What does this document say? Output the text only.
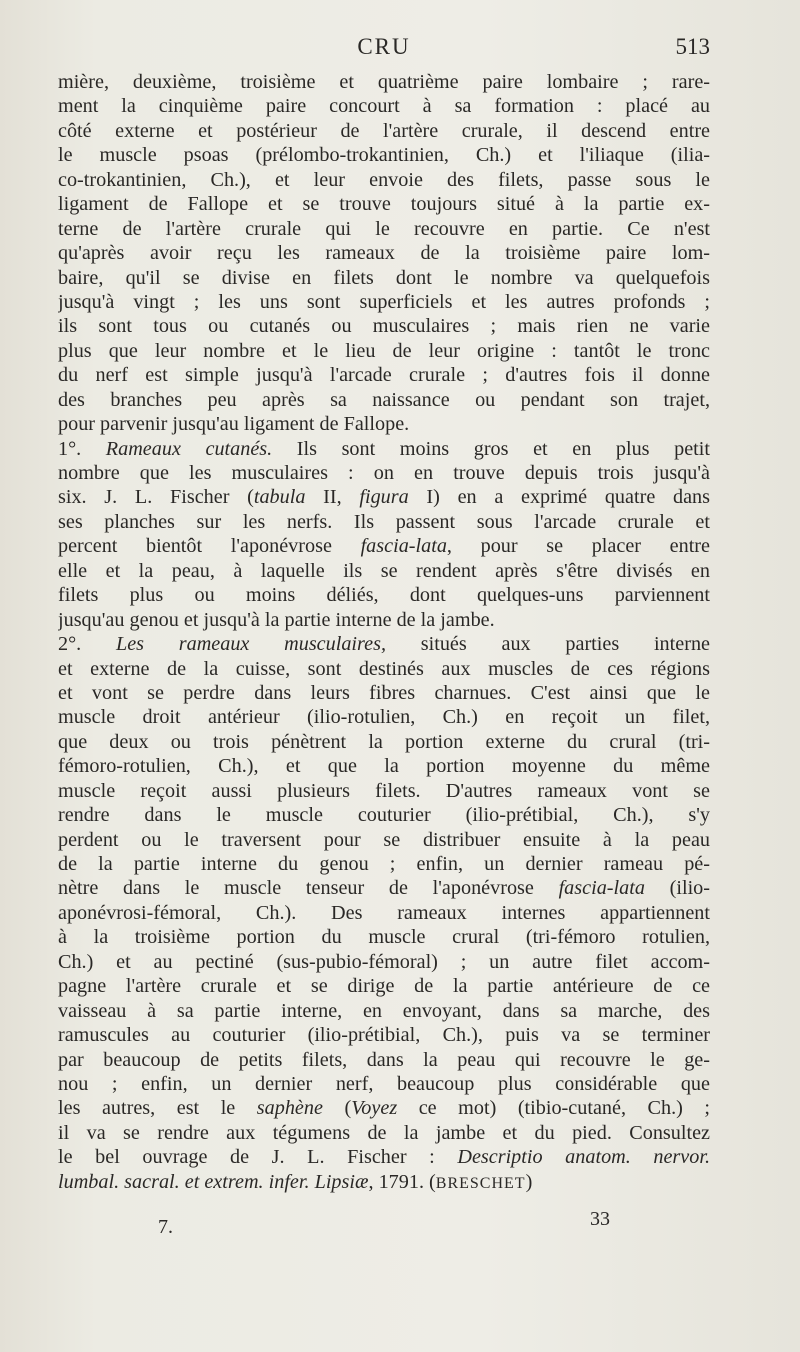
CRU	513
mière, deuxième, troisième et quatrième paire lombaire ; rare-
ment la cinquième paire concourt à sa formation : placé au
côté externe et postérieur de l'artère crurale, il descend entre
le muscle psoas (prélombo-trokantinien, Ch.) et l'iliaque (ilia-
co-trokantinien, Ch.), et leur envoie des filets, passe sous le
ligament de Fallope et se trouve toujours situé à la partie ex-
terne de l'artère crurale qui le recouvre en partie. Ce n'est
qu'après avoir reçu les rameaux de la troisième paire lom-
baire, qu'il se divise en filets dont le nombre va quelquefois
jusqu'à vingt ; les uns sont superficiels et les autres profonds ;
ils sont tous ou cutanés ou musculaires ; mais rien ne varie
plus que leur nombre et le lieu de leur origine : tantôt le tronc
du nerf est simple jusqu'à l'arcade crurale ; d'autres fois il donne
des branches peu après sa naissance ou pendant son trajet,
pour parvenir jusqu'au ligament de Fallope.
1°. Rameaux cutanés. Ils sont moins gros et en plus petit
nombre que les musculaires : on en trouve depuis trois jusqu'à
six. J. L. Fischer (tabula II, figura I) en a exprimé quatre dans
ses planches sur les nerfs. Ils passent sous l'arcade crurale et
percent bientôt l'aponévrose fascia-lata, pour se placer entre
elle et la peau, à laquelle ils se rendent après s'être divisés en
filets plus ou moins déliés, dont quelques-uns parviennent
jusqu'au genou et jusqu'à la partie interne de la jambe.
2°. Les rameaux musculaires, situés aux parties interne
et externe de la cuisse, sont destinés aux muscles de ces régions
et vont se perdre dans leurs fibres charnues. C'est ainsi que le
muscle droit antérieur (ilio-rotulien, Ch.) en reçoit un filet,
que deux ou trois pénètrent la portion externe du crural (tri-
fémoro-rotulien, Ch.), et que la portion moyenne du même
muscle reçoit aussi plusieurs filets. D'autres rameaux vont se
rendre dans le muscle couturier (ilio-prétibial, Ch.), s'y
perdent ou le traversent pour se distribuer ensuite à la peau
de la partie interne du genou ; enfin, un dernier rameau pé-
nètre dans le muscle tenseur de l'aponévrose fascia-lata (ilio-
aponévrosi-fémoral, Ch.). Des rameaux internes appartiennent
à la troisième portion du muscle crural (tri-fémoro rotulien,
Ch.) et au pectiné (sus-pubio-fémoral) ; un autre filet accom-
pagne l'artère crurale et se dirige de la partie antérieure de ce
vaisseau à sa partie interne, en envoyant, dans sa marche, des
ramuscules au couturier (ilio-prétibial, Ch.), puis va se terminer
par beaucoup de petits filets, dans la peau qui recouvre le ge-
nou ; enfin, un dernier nerf, beaucoup plus considérable que
les autres, est le saphène (Voyez ce mot) (tibio-cutané, Ch.) ;
il va se rendre aux tégumens de la jambe et du pied. Consultez
le bel ouvrage de J. L. Fischer : Descriptio anatom. nervor.
lumbal. sacral. et extrem. infer. Lipsiæ, 1791. (BRESCHET)
7.	33
